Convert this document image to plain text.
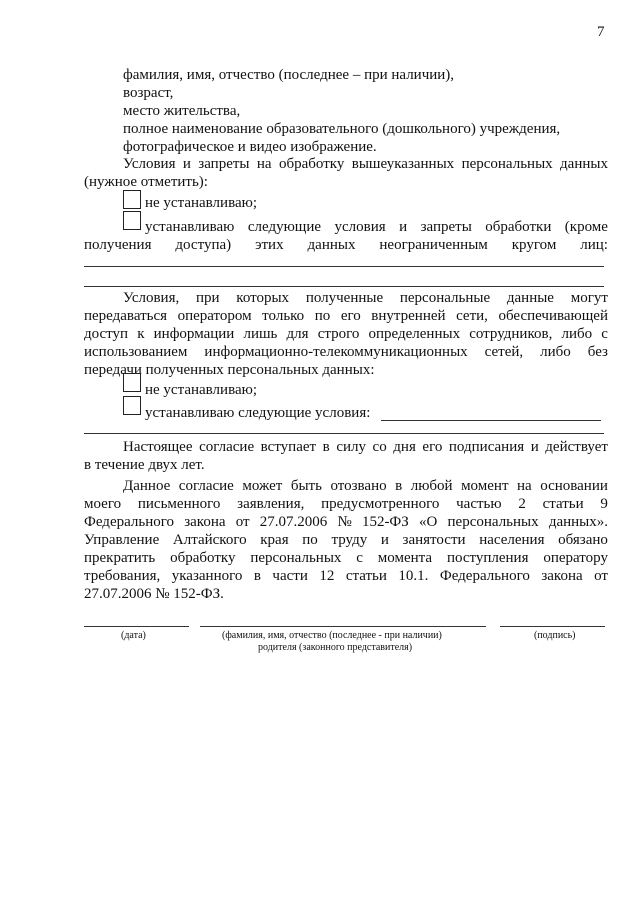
7
фамилия, имя, отчество (последнее – при наличии),
возраст,
место жительства,
полное наименование образовательного (дошкольного) учреждения,
фотографическое и видео изображение.
Условия и запреты на обработку вышеуказанных персональных данных
(нужное отметить):
не устанавливаю;
устанавливаю следующие условия и запреты обработки (кроме
получения доступа) этих данных неограниченным кругом лиц:
Условия, при которых полученные персональные данные могут
передаваться оператором только по его внутренней сети, обеспечивающей
доступ к информации лишь для строго определенных сотрудников, либо с
использованием информационно-телекоммуникационных сетей, либо без
передачи полученных персональных данных:
не устанавливаю;
устанавливаю следующие условия:
Настоящее согласие вступает в силу со дня его подписания и действует
в течение двух лет.
Данное согласие может быть отозвано в любой момент на основании
моего письменного заявления, предусмотренного частью 2 статьи 9
Федерального закона от 27.07.2006 № 152-ФЗ «О персональных данных».
Управление Алтайского края по труду и занятости населения обязано
прекратить обработку персональных с момента поступления оператору
требования, указанного в части 12 статьи 10.1. Федерального закона от
27.07.2006 № 152-ФЗ.
(дата)	(фамилия, имя, отчество (последнее - при наличии)
родителя (законного представителя)
(подпись)
